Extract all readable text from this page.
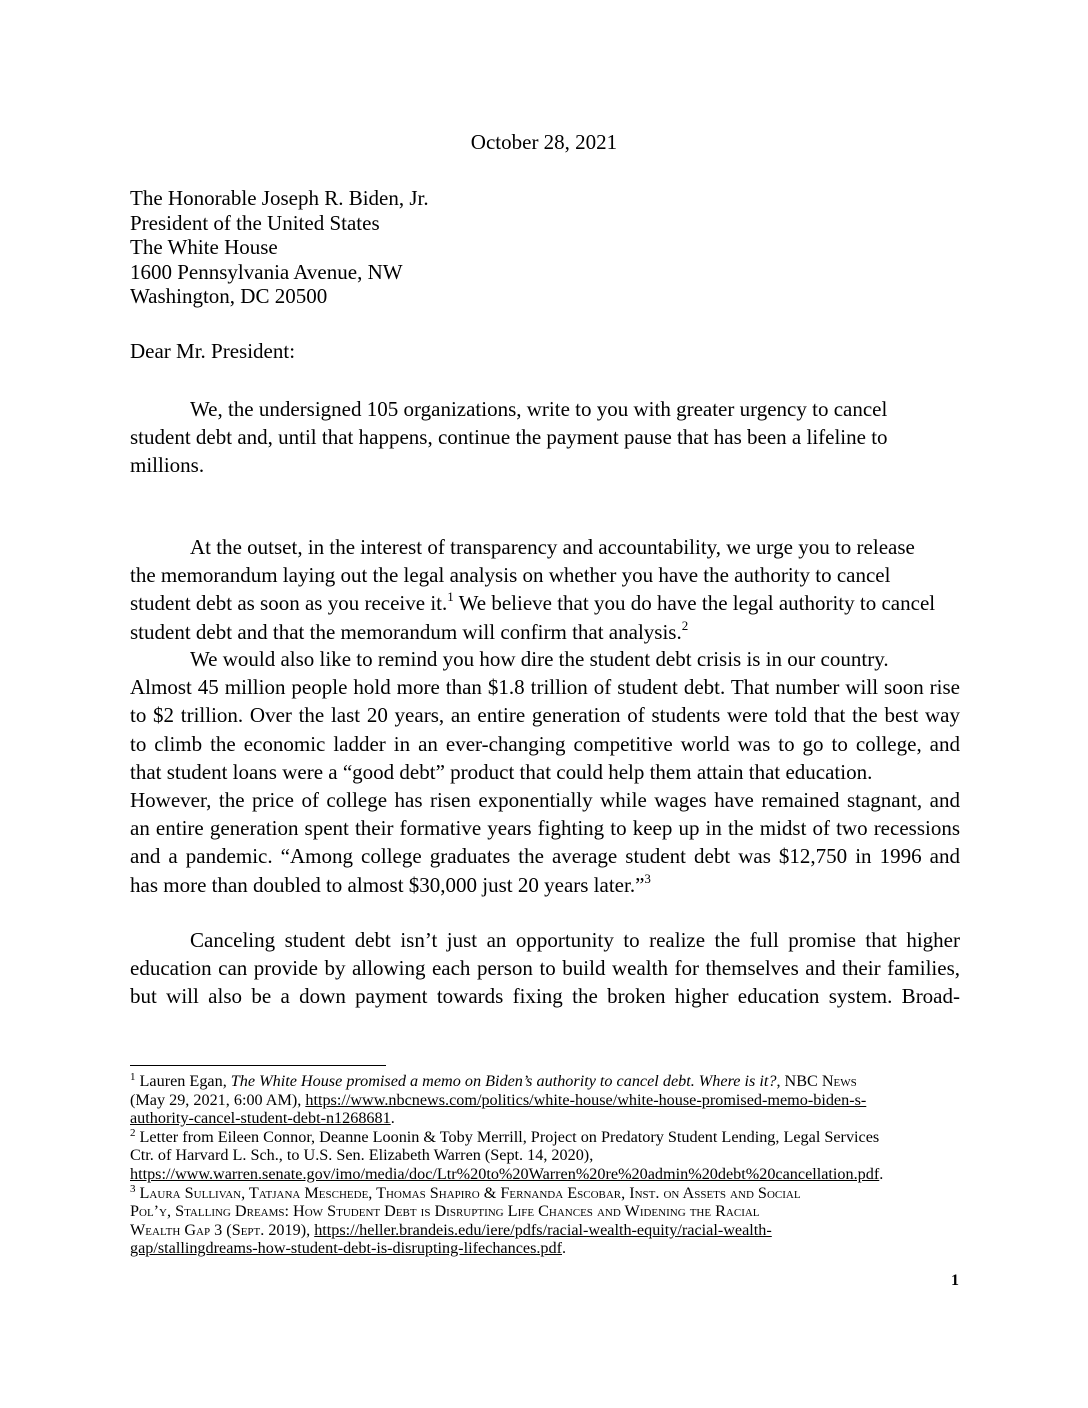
October 28, 2021
The Honorable Joseph R. Biden, Jr.
President of the United States
The White House
1600 Pennsylvania Avenue, NW
Washington, DC 20500
Dear Mr. President:
We, the undersigned 105 organizations, write to you with greater urgency to cancel
student debt and, until that happens, continue the payment pause that has been a lifeline to
millions.
At the outset, in the interest of transparency and accountability, we urge you to release
the memorandum laying out the legal analysis on whether you have the authority to cancel
student debt as soon as you receive it.$^1$ We believe that you do have the legal authority to cancel
student debt and that the memorandum will confirm that analysis.$^2$
We would also like to remind you how dire the student debt crisis is in our country.
Almost 45 million people hold more than $1.8 trillion of student debt. That number will soon rise
to $2 trillion. Over the last 20 years, an entire generation of students were told that the best way
to climb the economic ladder in an ever-changing competitive world was to go to college, and
that student loans were a “good debt” product that could help them attain that education.
However, the price of college has risen exponentially while wages have remained stagnant, and
an entire generation spent their formative years fighting to keep up in the midst of two recessions
and a pandemic. “Among college graduates the average student debt was $12,750 in 1996 and
has more than doubled to almost $30,000 just 20 years later.”$^3$
Canceling student debt isn’t just an opportunity to realize the full promise that higher
education can provide by allowing each person to build wealth for themselves and their families,
but will also be a down payment towards fixing the broken higher education system. Broad-
$^1$ Lauren Egan, The White House promised a memo on Biden’s authority to cancel debt. Where is it?, NBC News
(May 29, 2021, 6:00 AM), https://www.nbcnews.com/politics/white-house/white-house-promised-memo-biden-s-
authority-cancel-student-debt-n1268681.
$^2$ Letter from Eileen Connor, Deanne Loonin & Toby Merrill, Project on Predatory Student Lending, Legal Services
Ctr. of Harvard L. Sch., to U.S. Sen. Elizabeth Warren (Sept. 14, 2020),
https://www.warren.senate.gov/imo/media/doc/Ltr%20to%20Warren%20re%20admin%20debt%20cancellation.pdf.
$^3$ Laura Sullivan, Tatjana Meschede, Thomas Shapiro & Fernanda Escobar, Inst. on Assets and Social
Pol’y, Stalling Dreams: How Student Debt is Disrupting Life Chances and Widening the Racial
Wealth Gap 3 (Sept. 2019), https://heller.brandeis.edu/iere/pdfs/racial-wealth-equity/racial-wealth-
gap/stallingdreams-how-student-debt-is-disrupting-lifechances.pdf.
1
